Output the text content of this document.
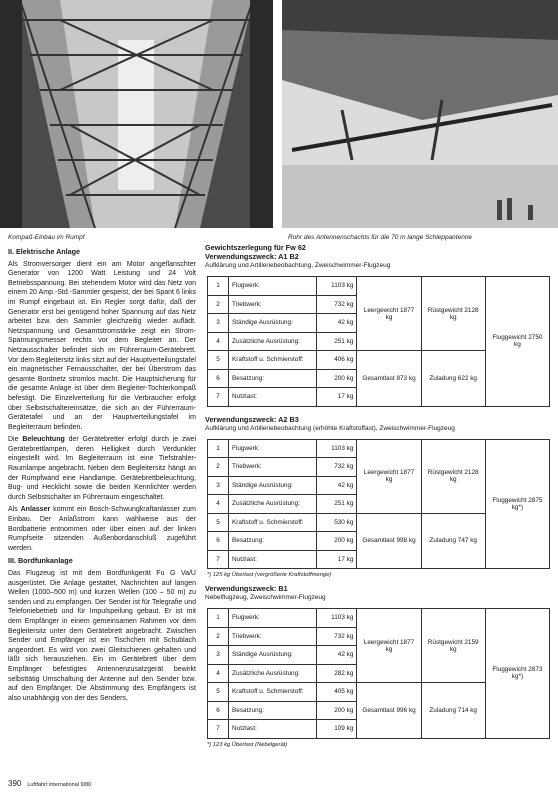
Kompaß-Einbau im Rumpf	Rohr des Antennenschachts für die 70 m lange Schleppantenne
II. Elektrische Anlage

Als Stromversorger dient ein am Motor angeflanschter Generator von 1200 Watt Leistung und 24 Volt Betriebsspannung. Bei stehendem Motor wird das Netz von einem 20 Amp.-Std.-Sammler gespeist, der bei Spant 6 links im Rumpf eingebaut ist. Ein Regler sorgt dafür, daß der Generator erst bei genügend hoher Spannung auf das Netz arbeitet bzw. den Sammler gleichzeitig wieder auflädt. Netzspannung und Gesamtstromstärke zeigt ein Strom-Spannungsmesser rechts vor dem Begleiter an. Der Netzausschalter befindet sich im Führerraum-Gerätebrett. Vor dem Begleitersitz links sitzt auf der Hauptverteilungstafel ein magnetischer Fernausschalter, der bei Überstrom das gesamte Bordnetz stromlos macht. Die Hauptsicherung für die gesamte Anlage ist über dem Begleiter-Tochterkompaß befestigt. Die Einzelverteilung für die Verbraucher erfolgt über Selbstschaltereinsätze, die sich an der Führerraum-Gerätetafel und an der Hauptverteilungstafel im Begleiterraum befinden.

Die Beleuchtung der Gerätebretter erfolgt durch je zwei Gerätebrettlampen, deren Helligkeit durch Verdunkler eingestellt wird. Im Begleiterraum ist eine Tiefstrahler-Raumlampe angebracht. Neben dem Begleitersitz hängt an der Rumpfwand eine Handlampe. Gerätebrettbeleuchtung, Bug- und Hecklicht sowie die beiden Kennlichter werden durch Selbstschalter im Führerraum eingeschaltet.

Als Anlasser kommt ein Bosch-Schwungkraftanlasser zum Einbau. Der Anlaßstrom kann wahlweise aus der Bordbatterie entnommen oder über einen auf der linken Rumpfseite sitzenden Außenbordanschluß zugeführt werden.

III. Bordfunkanlage

Das Flugzeug ist mit dem Bordfunkgerät Fu G Va/U ausgerüstet. Die Anlage gestattet, Nachrichten auf langen Wellen (1000–500 m) und kurzen Wellen (100 – 50 m) zu senden und zu empfangen. Der Sender ist für Telegrafie und Telefoniebetrieb und für Impulspeilung gebaut. Er ist mit dem Empfänger in einem gemeinsamen Rahmen vor dem Begleitersitz unter dem Gerätebrett angebracht. Zwischen Sender und Empfänger ist ein Tischchen mit Schublach angeordnet. Es wird von zwei Gleitschienen gehalten und läßt sich herausziehen. Ein im Gerätebrett über dem Empfänger befestigtes Antennenzusatzgerät bewirkt selbsttätig Umschaltung der Antenne auf den Sender bzw. auf den Empfänger. Die Abstimmung des Empfängers ist also unabhängig von der des Senders,

Gewichtszerlegung für Fw 62
Verwendungszweck: A1 B2
Aufklärung und Artilleriebeobachtung, Zweischwimmer-Flugzeug
1	Flugwerk:	1103 kg	Leergewicht 1877 kg	Rüstgewicht 2128 kg	Fluggewicht 2750 kg
2	Triebwerk:	732 kg			
3	Ständige Ausrüstung:	42 kg			
4	Zusätzliche Ausrüstung:	251 kg			
5	Kraftstoff u. Schmierstoff:	406 kg	Gesamtlast 873 kg	Zuladung 622 kg	
6	Besatzung:	200 kg			
7	Nutzlast:	17 kg			
Verwendungszweck: A2 B3
Aufklärung und Artilleriebeobachtung (erhöhte Kraftstoffast), Zweischwimmer-Flugzeug
1	Flugwerk:	1103 kg	Leergewicht 1877 kg	Rüstgewicht 2128 kg	Fluggewicht 2875 kg*)
2	Triebwerk:	732 kg			
3	Ständige Ausrüstung:	42 kg			
4	Zusätzliche Ausrüstung:	251 kg			
5	Kraftstoff u. Schmierstoff:	530 kg	Gesamtlast 998 kg	Zuladung 747 kg	
6	Besatzung:	200 kg			
7	Nutzlast:	17 kg			
*) 125 kg Überlast (vergrößerte Kraftstoffmenge)
Verwendungszweck: B1
Nebelflugzeug, Zweischwimmer-Flugzeug
1	Flugwerk:	1103 kg	Leergewicht 1877 kg	Rüstgewicht 2159 kg	Fluggewicht 2873 kg*)
2	Triebwerk:	732 kg			
3	Ständige Ausrüstung:	42 kg			
4	Zusätzliche Ausrüstung:	282 kg			
5	Kraftstoff u. Schmierstoff:	405 kg	Gesamtlast 996 kg	Zuladung 714 kg	
6	Besatzung:	200 kg			
7	Nutzlast:	109 kg			
*) 123 kg Überlast (Nebelgerät)
390 Luftfahrt international 9/80
